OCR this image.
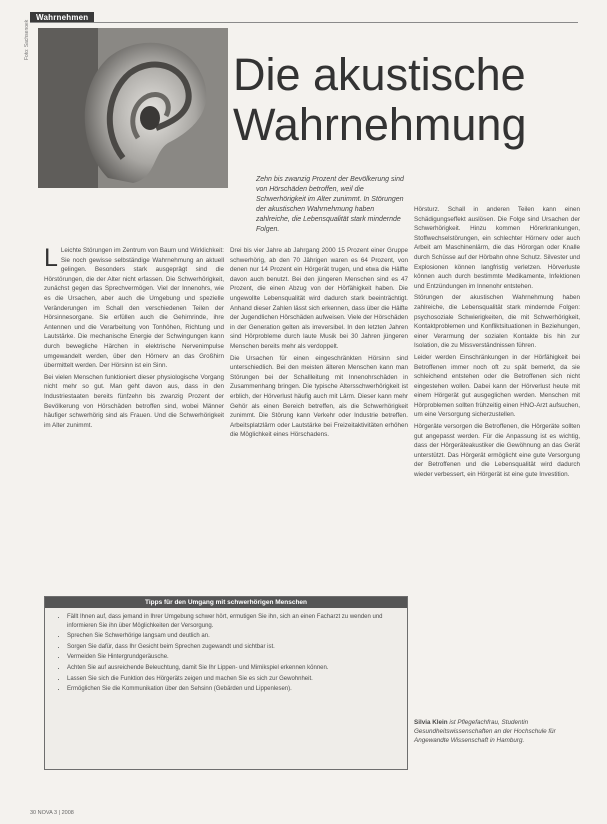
Wahrnehmen
Foto: Sachsenoek
Die akustische
Wahrnehmung
Zehn bis zwanzig Prozent der Bevölkerung sind von Hörschäden betroffen, weil die Schwerhörigkeit im Alter zunimmt. In Störungen der akustischen Wahrnehmung haben zahlreiche, die Lebensqualität stark mindernde Folgen.

L Leichte Störungen im Zentrum von Baum und Wirklichkeit: Sie noch gewisse selbständige Wahrnehmung an aktuell gelingen. Besonders stark ausgeprägt sind die Hörstörungen, die der Alter nicht erfassen. Die Schwerhörigkeit, zunächst gegen das Sprechvermögen. Viel der Innenohrs, wie es die Ursachen, aber auch die Umgebung und spezielle Veränderungen im Schall den verschiedenen Teilen der Hörsinnesorgane. Sie erfüllen auch die Gehirnrinde, ihre Antennen und die Verarbeitung von Tonhöhen, Richtung und Lautstärke. Die mechanische Energie der Schwingungen kann durch bewegliche Härchen in elektrische Nervenimpulse umgewandelt werden, über den Hörnerv an das Großhirn übermittelt werden. Der Hörsinn ist ein Sinn.

Bei vielen Menschen funktioniert dieser physiologische Vorgang nicht mehr so gut. Man geht davon aus, dass in den Industriestaaten bereits fünfzehn bis zwanzig Prozent der Bevölkerung von Hörschäden betroffen sind, wobei Männer häufiger schwerhörig sind als Frauen. Und die Schwerhörigkeit im Alter zunimmt.

Drei bis vier Jahre ab Jahrgang 2000 15 Prozent einer Gruppe schwerhörig, ab den 70 Jährigen waren es 64 Prozent, von denen nur 14 Prozent ein Hörgerät trugen, und etwa die Hälfte davon auch benutzt. Bei den jüngeren Menschen sind es 47 Prozent, die einen Abzug von der Hörfähigkeit haben. Die ungewollte Lebensqualität wird dadurch stark beeinträchtigt. Anhand dieser Zahlen lässt sich erkennen, dass über die Hälfte der Jugendlichen Hörschäden aufweisen. Viele der Hörschäden in der Generation gelten als irreversibel. In den letzten Jahren sind Hörprobleme durch laute Musik bei 30 Jahren jüngeren Menschen bereits mehr als verdoppelt.

Die Ursachen für einen eingeschränkten Hörsinn sind unterschiedlich. Bei den meisten älteren Menschen kann man Störungen bei der Schallleitung mit Innenohrschäden in Zusammenhang bringen. Die typische Altersschwerhörigkeit ist erblich, der Hörverlust häufig auch mit Lärm. Dieser kann mehr Gehör als einen Bereich betreffen, als die Schwerhörigkeit zunimmt. Die Störung kann Verkehr oder Industrie betreffen. Arbeitsplatzlärm oder Lautstärke bei Freizeitaktivitäten erhöhen die Möglichkeit eines Hörschadens.

Hörsturz. Schall in anderen Teilen kann einen Schädigungseffekt auslösen. Die Folge sind Ursachen der Schwerhörigkeit. Hinzu kommen Hörerkrankungen, Stoffwechselstörungen, ein schlechter Hörnerv oder auch Arbeit am Maschinenlärm, die das Hörorgan oder Knalle durch Schüsse auf der Hörbahn ohne Schutz. Silvester und Explosionen können langfristig verletzen. Hörverluste können auch durch bestimmte Medikamente, Infektionen und Entzündungen im Innenohr entstehen.

Störungen der akustischen Wahrnehmung haben zahlreiche, die Lebensqualität stark mindernde Folgen: psychosoziale Schwierigkeiten, die mit Schwerhörigkeit, Kontaktproblemen und Konfliktsituationen in Beziehungen, einer Verarmung der sozialen Kontakte bis hin zur Isolation, die zu Missverständnissen führen.

Leider werden Einschränkungen in der Hörfähigkeit bei Betroffenen immer noch oft zu spät bemerkt, da sie schleichend entstehen oder die Betroffenen sich nicht eingestehen wollen. Dabei kann der Hörverlust heute mit einem Hörgerät gut ausgeglichen werden. Menschen mit Hörproblemen sollten frühzeitig einen HNO-Arzt aufsuchen, um eine Versorgung sicherzustellen.

Hörgeräte versorgen die Betroffenen, die Hörgeräte sollten gut angepasst werden. Für die Anpassung ist es wichtig, dass der Hörgeräteakustiker die Gewöhnung an das Gerät unterstützt. Das Hörgerät ermöglicht eine gute Versorgung der Betroffenen und die Lebensqualität wird dadurch wieder verbessert, ein Hörgerät ist eine gute Investition.

Tipps für den Umgang mit schwerhörigen Menschen
• Fällt Ihnen auf, dass jemand in Ihrer Umgebung schwer hört, ermutigen Sie ihn, sich an einen Facharzt zu wenden und informieren Sie ihn über Möglichkeiten der Versorgung.
• Sprechen Sie Schwerhörige langsam und deutlich an.
• Sorgen Sie dafür, dass Ihr Gesicht beim Sprechen zugewandt und sichtbar ist.
• Vermeiden Sie Hintergrundgeräusche.
• Achten Sie auf ausreichende Beleuchtung, damit Sie Ihr Lippen- und Mimikspiel erkennen können.
• Lassen Sie sich die Funktion des Hörgeräts zeigen und machen Sie es sich zur Gewohnheit.
• Ermöglichen Sie die Kommunikation über den Sehsinn (Gebärden und Lippenlesen).
Silvia Klein ist Pflegefachfrau, Studentin Gesundheitswissenschaften an der Hochschule für Angewandte Wissenschaft in Hamburg.
30 NOVA 3 | 2008
